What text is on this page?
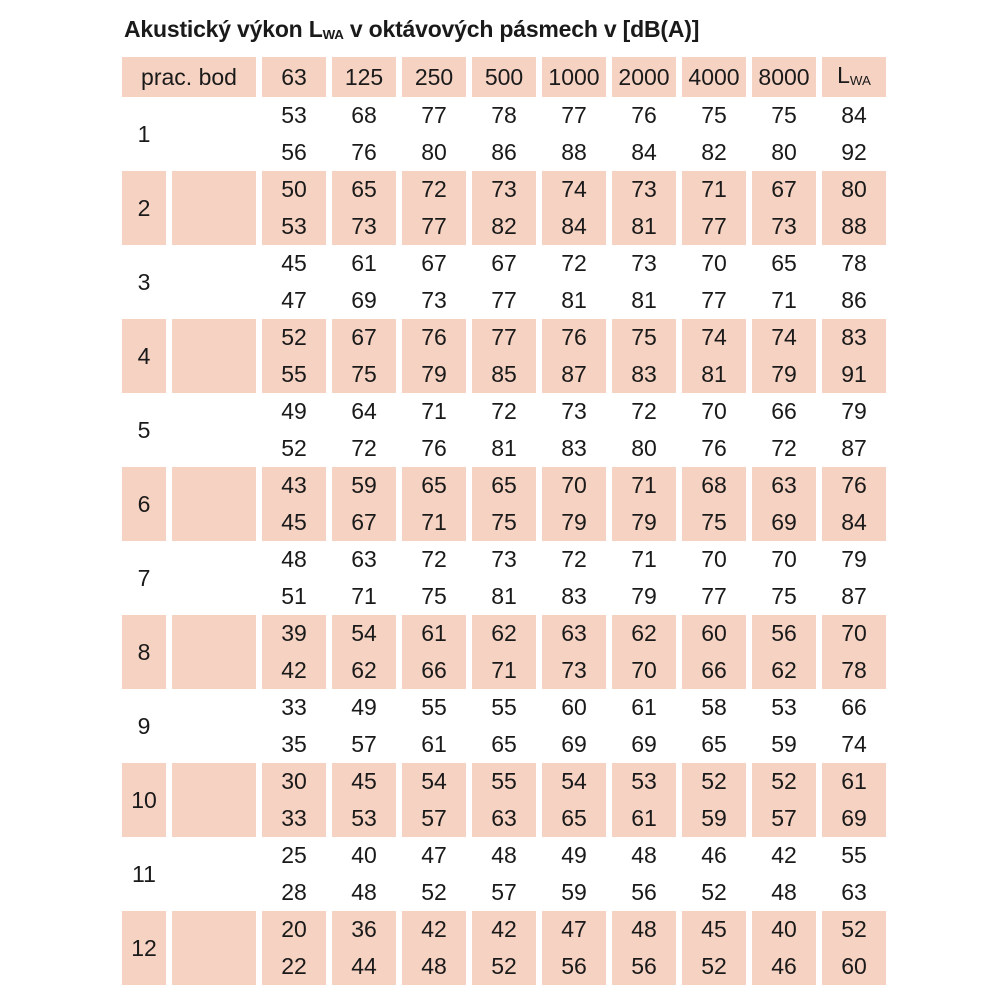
Akustický výkon $L_{WA}$ v oktávových pásmech v [dB(A)]
prac. bod		63	125	250	500	1000	2000	4000	8000	$L_{WA}$
1		53	68	77	78	77	76	75	75	84
		56	76	80	86	88	84	82	80	92
2		50	65	72	73	74	73	71	67	80
		53	73	77	82	84	81	77	73	88
3		45	61	67	67	72	73	70	65	78
		47	69	73	77	81	81	77	71	86
4		52	67	76	77	76	75	74	74	83
		55	75	79	85	87	83	81	79	91
5		49	64	71	72	73	72	70	66	79
		52	72	76	81	83	80	76	72	87
6		43	59	65	65	70	71	68	63	76
		45	67	71	75	79	79	75	69	84
7		48	63	72	73	72	71	70	70	79
		51	71	75	81	83	79	77	75	87
8		39	54	61	62	63	62	60	56	70
		42	62	66	71	73	70	66	62	78
9		33	49	55	55	60	61	58	53	66
		35	57	61	65	69	69	65	59	74
10		30	45	54	55	54	53	52	52	61
		33	53	57	63	65	61	59	57	69
11		25	40	47	48	49	48	46	42	55
		28	48	52	57	59	56	52	48	63
12		20	36	42	42	47	48	45	40	52
		22	44	48	52	56	56	52	46	60
